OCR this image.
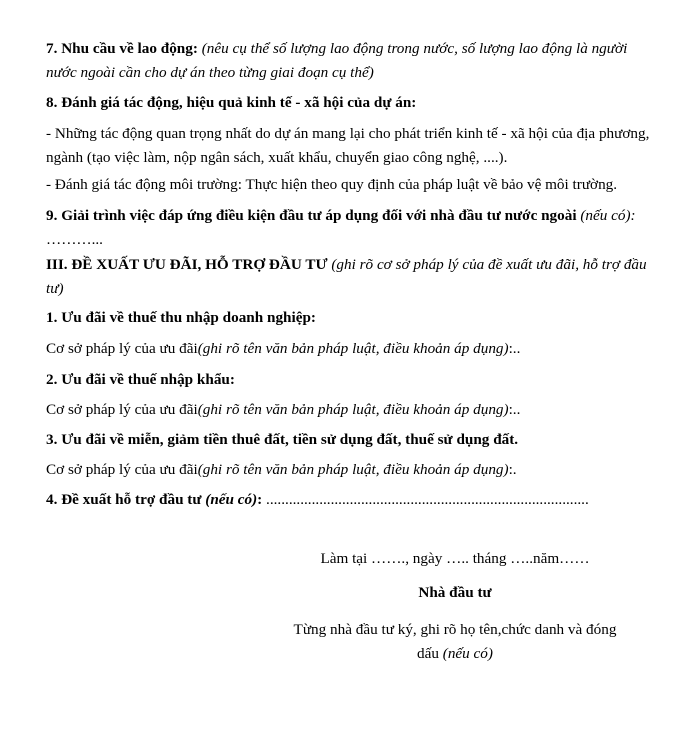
7. Nhu cầu về lao động: (nêu cụ thể số lượng lao động trong nước, số lượng lao động là người nước ngoài cần cho dự án theo từng giai đoạn cụ thể)

8. Đánh giá tác động, hiệu quả kinh tế - xã hội của dự án:

- Những tác động quan trọng nhất do dự án mang lại cho phát triển kinh tế - xã hội của địa phương, ngành (tạo việc làm, nộp ngân sách, xuất khẩu, chuyển giao công nghệ, ....).

- Đánh giá tác động môi trường: Thực hiện theo quy định của pháp luật về bảo vệ môi trường.

9. Giải trình việc đáp ứng điều kiện đầu tư áp dụng đối với nhà đầu tư nước ngoài (nếu có):
………...

III. ĐỀ XUẤT ƯU ĐÃI, HỖ TRỢ ĐẦU TƯ (ghi rõ cơ sở pháp lý của đề xuất ưu đãi, hỗ trợ đầu tư)

1. Ưu đãi về thuế thu nhập doanh nghiệp:

Cơ sở pháp lý của ưu đãi(ghi rõ tên văn bản pháp luật, điều khoản áp dụng):..

2. Ưu đãi về thuế nhập khẩu:

Cơ sở pháp lý của ưu đãi(ghi rõ tên văn bản pháp luật, điều khoản áp dụng):..

3. Ưu đãi về miễn, giảm tiền thuê đất, tiền sử dụng đất, thuế sử dụng đất.

Cơ sở pháp lý của ưu đãi(ghi rõ tên văn bản pháp luật, điều khoản áp dụng):.

4. Đề xuất hỗ trợ đầu tư (nếu có): .....................................................................................

Làm tại ……., ngày ….. tháng …..năm……

Nhà đầu tư

Từng nhà đầu tư ký, ghi rõ họ tên,chức danh và đóng
dấu (nếu có)
